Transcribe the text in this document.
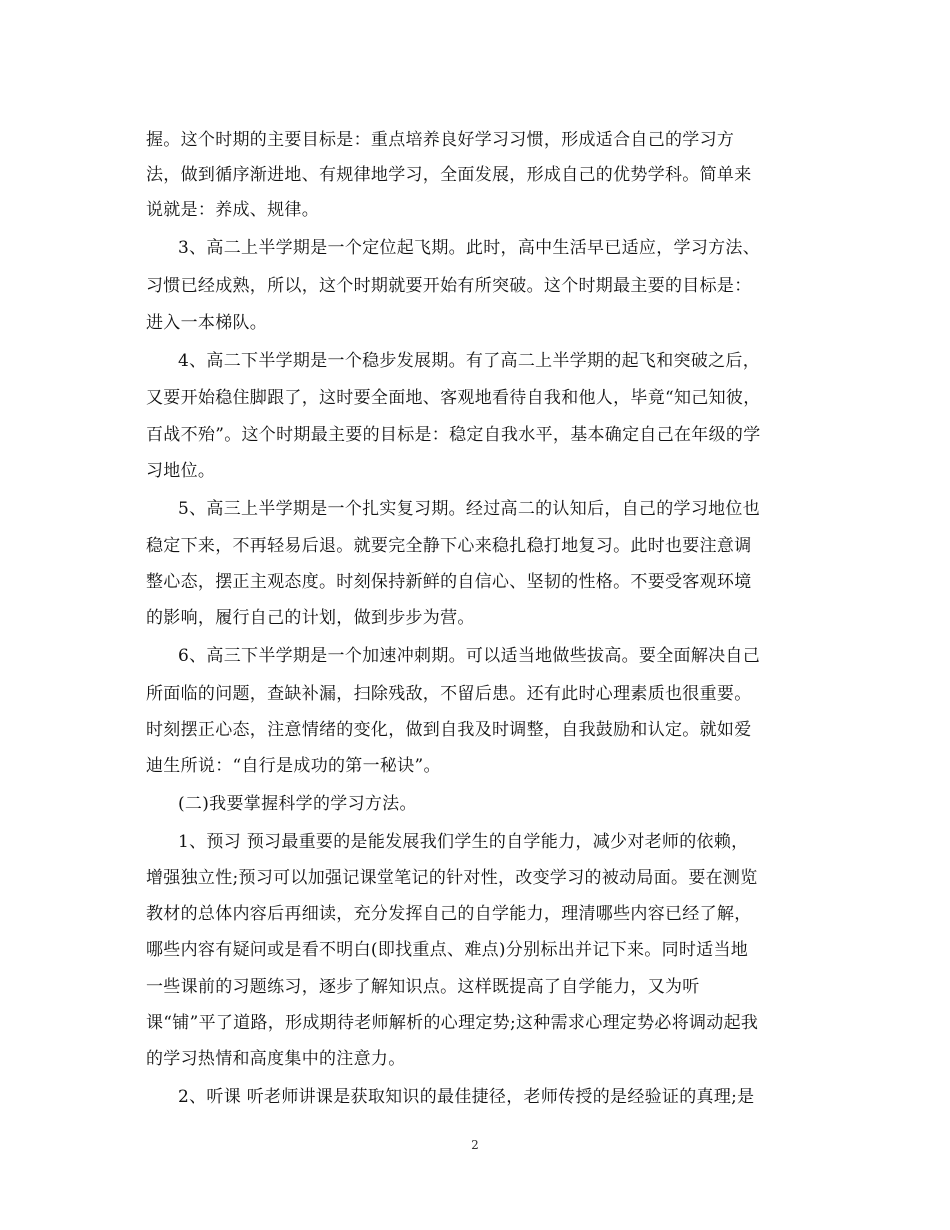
握。这个时期的主要目标是：重点培养良好学习习惯，形成适合自己的学习方
法，做到循序渐进地、有规律地学习，全面发展，形成自己的优势学科。简单来
说就是：养成、规律。
3、高二上半学期是一个定位起飞期。此时，高中生活早已适应，学习方法、
习惯已经成熟，所以，这个时期就要开始有所突破。这个时期最主要的目标是：
进入一本梯队。
4、高二下半学期是一个稳步发展期。有了高二上半学期的起飞和突破之后，
又要开始稳住脚跟了，这时要全面地、客观地看待自我和他人，毕竟“知己知彼，
百战不殆”。这个时期最主要的目标是：稳定自我水平，基本确定自己在年级的学
习地位。
5、高三上半学期是一个扎实复习期。经过高二的认知后，自己的学习地位也
稳定下来，不再轻易后退。就要完全静下心来稳扎稳打地复习。此时也要注意调
整心态，摆正主观态度。时刻保持新鲜的自信心、坚韧的性格。不要受客观环境
的影响，履行自己的计划，做到步步为营。
6、高三下半学期是一个加速冲刺期。可以适当地做些拔高。要全面解决自己
所面临的问题，查缺补漏，扫除残敌，不留后患。还有此时心理素质也很重要。
时刻摆正心态，注意情绪的变化，做到自我及时调整，自我鼓励和认定。就如爱
迪生所说：“自行是成功的第一秘诀”。
(二)我要掌握科学的学习方法。
1、预习 预习最重要的是能发展我们学生的自学能力，减少对老师的依赖，
增强独立性;预习可以加强记课堂笔记的针对性，改变学习的被动局面。要在测览
教材的总体内容后再细读，充分发挥自己的自学能力，理清哪些内容已经了解，
哪些内容有疑问或是看不明白(即找重点、难点)分别标出并记下来。同时适当地
一些课前的习题练习，逐步了解知识点。这样既提高了自学能力，又为听
课“铺”平了道路，形成期待老师解析的心理定势;这种需求心理定势必将调动起我
的学习热情和高度集中的注意力。
2、听课 听老师讲课是获取知识的最佳捷径，老师传授的是经验证的真理;是
2
